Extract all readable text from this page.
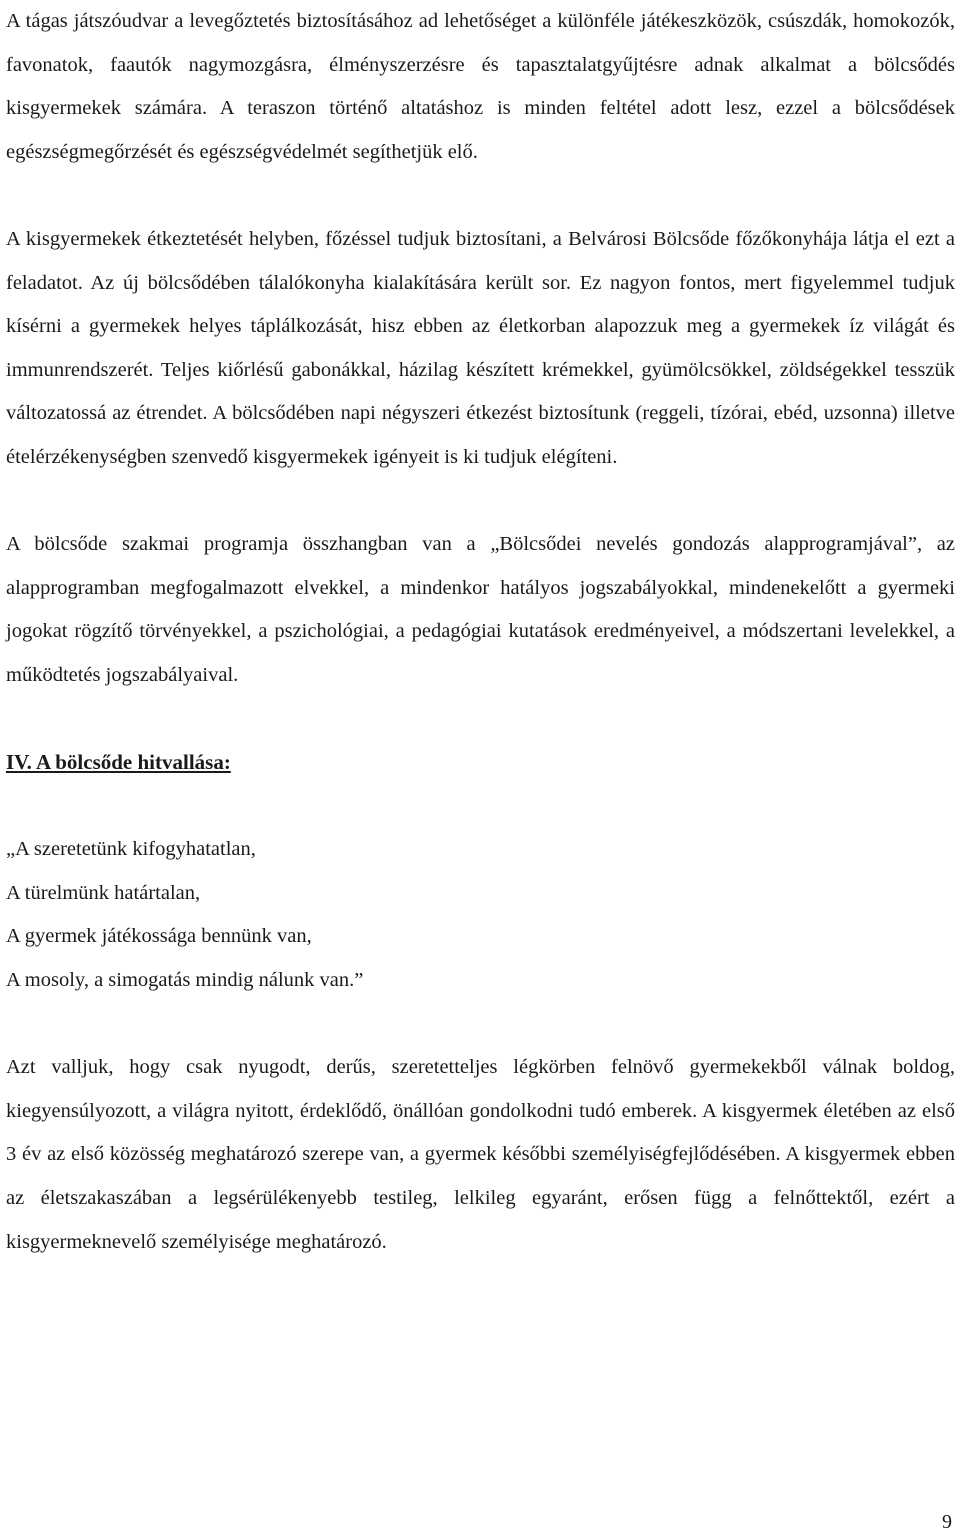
A tágas játszóudvar a levegőztetés biztosításához ad lehetőséget a különféle játékeszközök, csúszdák, homokozók, favonatok, faautók nagymozgásra, élményszerzésre és tapasztalatgyűjtésre adnak alkalmat a bölcsődés kisgyermekek számára. A teraszon történő altatáshoz is minden feltétel adott lesz, ezzel a bölcsődések egészségmegőrzését és egészségvédelmét segíthetjük elő.

A kisgyermekek étkeztetését helyben, főzéssel tudjuk biztosítani, a Belvárosi Bölcsőde főzőkonyhája látja el ezt a feladatot. Az új bölcsődében tálalókonyha kialakítására került sor. Ez nagyon fontos, mert figyelemmel tudjuk kísérni a gyermekek helyes táplálkozását, hisz ebben az életkorban alapozzuk meg a gyermekek íz világát és immunrendszerét. Teljes kiőrlésű gabonákkal, házilag készített krémekkel, gyümölcsökkel, zöldségekkel tesszük változatossá az étrendet. A bölcsődében napi négyszeri étkezést biztosítunk (reggeli, tízórai, ebéd, uzsonna) illetve ételérzékenységben szenvedő kisgyermekek igényeit is ki tudjuk elégíteni.

A bölcsőde szakmai programja összhangban van a „Bölcsődei nevelés gondozás alapprogramjával”, az alapprogramban megfogalmazott elvekkel, a mindenkor hatályos jogszabályokkal, mindenekelőtt a gyermeki jogokat rögzítő törvényekkel, a pszichológiai, a pedagógiai kutatások eredményeivel, a módszertani levelekkel, a működtetés jogszabályaival.

IV. A bölcsőde hitvallása:

„A szeretetünk kifogyhatatlan,

A türelmünk határtalan,

A gyermek játékossága bennünk van,

A mosoly, a simogatás mindig nálunk van.”

Azt valljuk, hogy csak nyugodt, derűs, szeretetteljes légkörben felnövő gyermekekből válnak boldog, kiegyensúlyozott, a világra nyitott, érdeklődő, önállóan gondolkodni tudó emberek. A kisgyermek életében az első 3 év az első közösség meghatározó szerepe van, a gyermek későbbi személyiségfejlődésében. A kisgyermek ebben az életszakaszában a legsérülékenyebb testileg, lelkileg egyaránt, erősen függ a felnőttektől, ezért a kisgyermeknevelő személyisége meghatározó.

9
